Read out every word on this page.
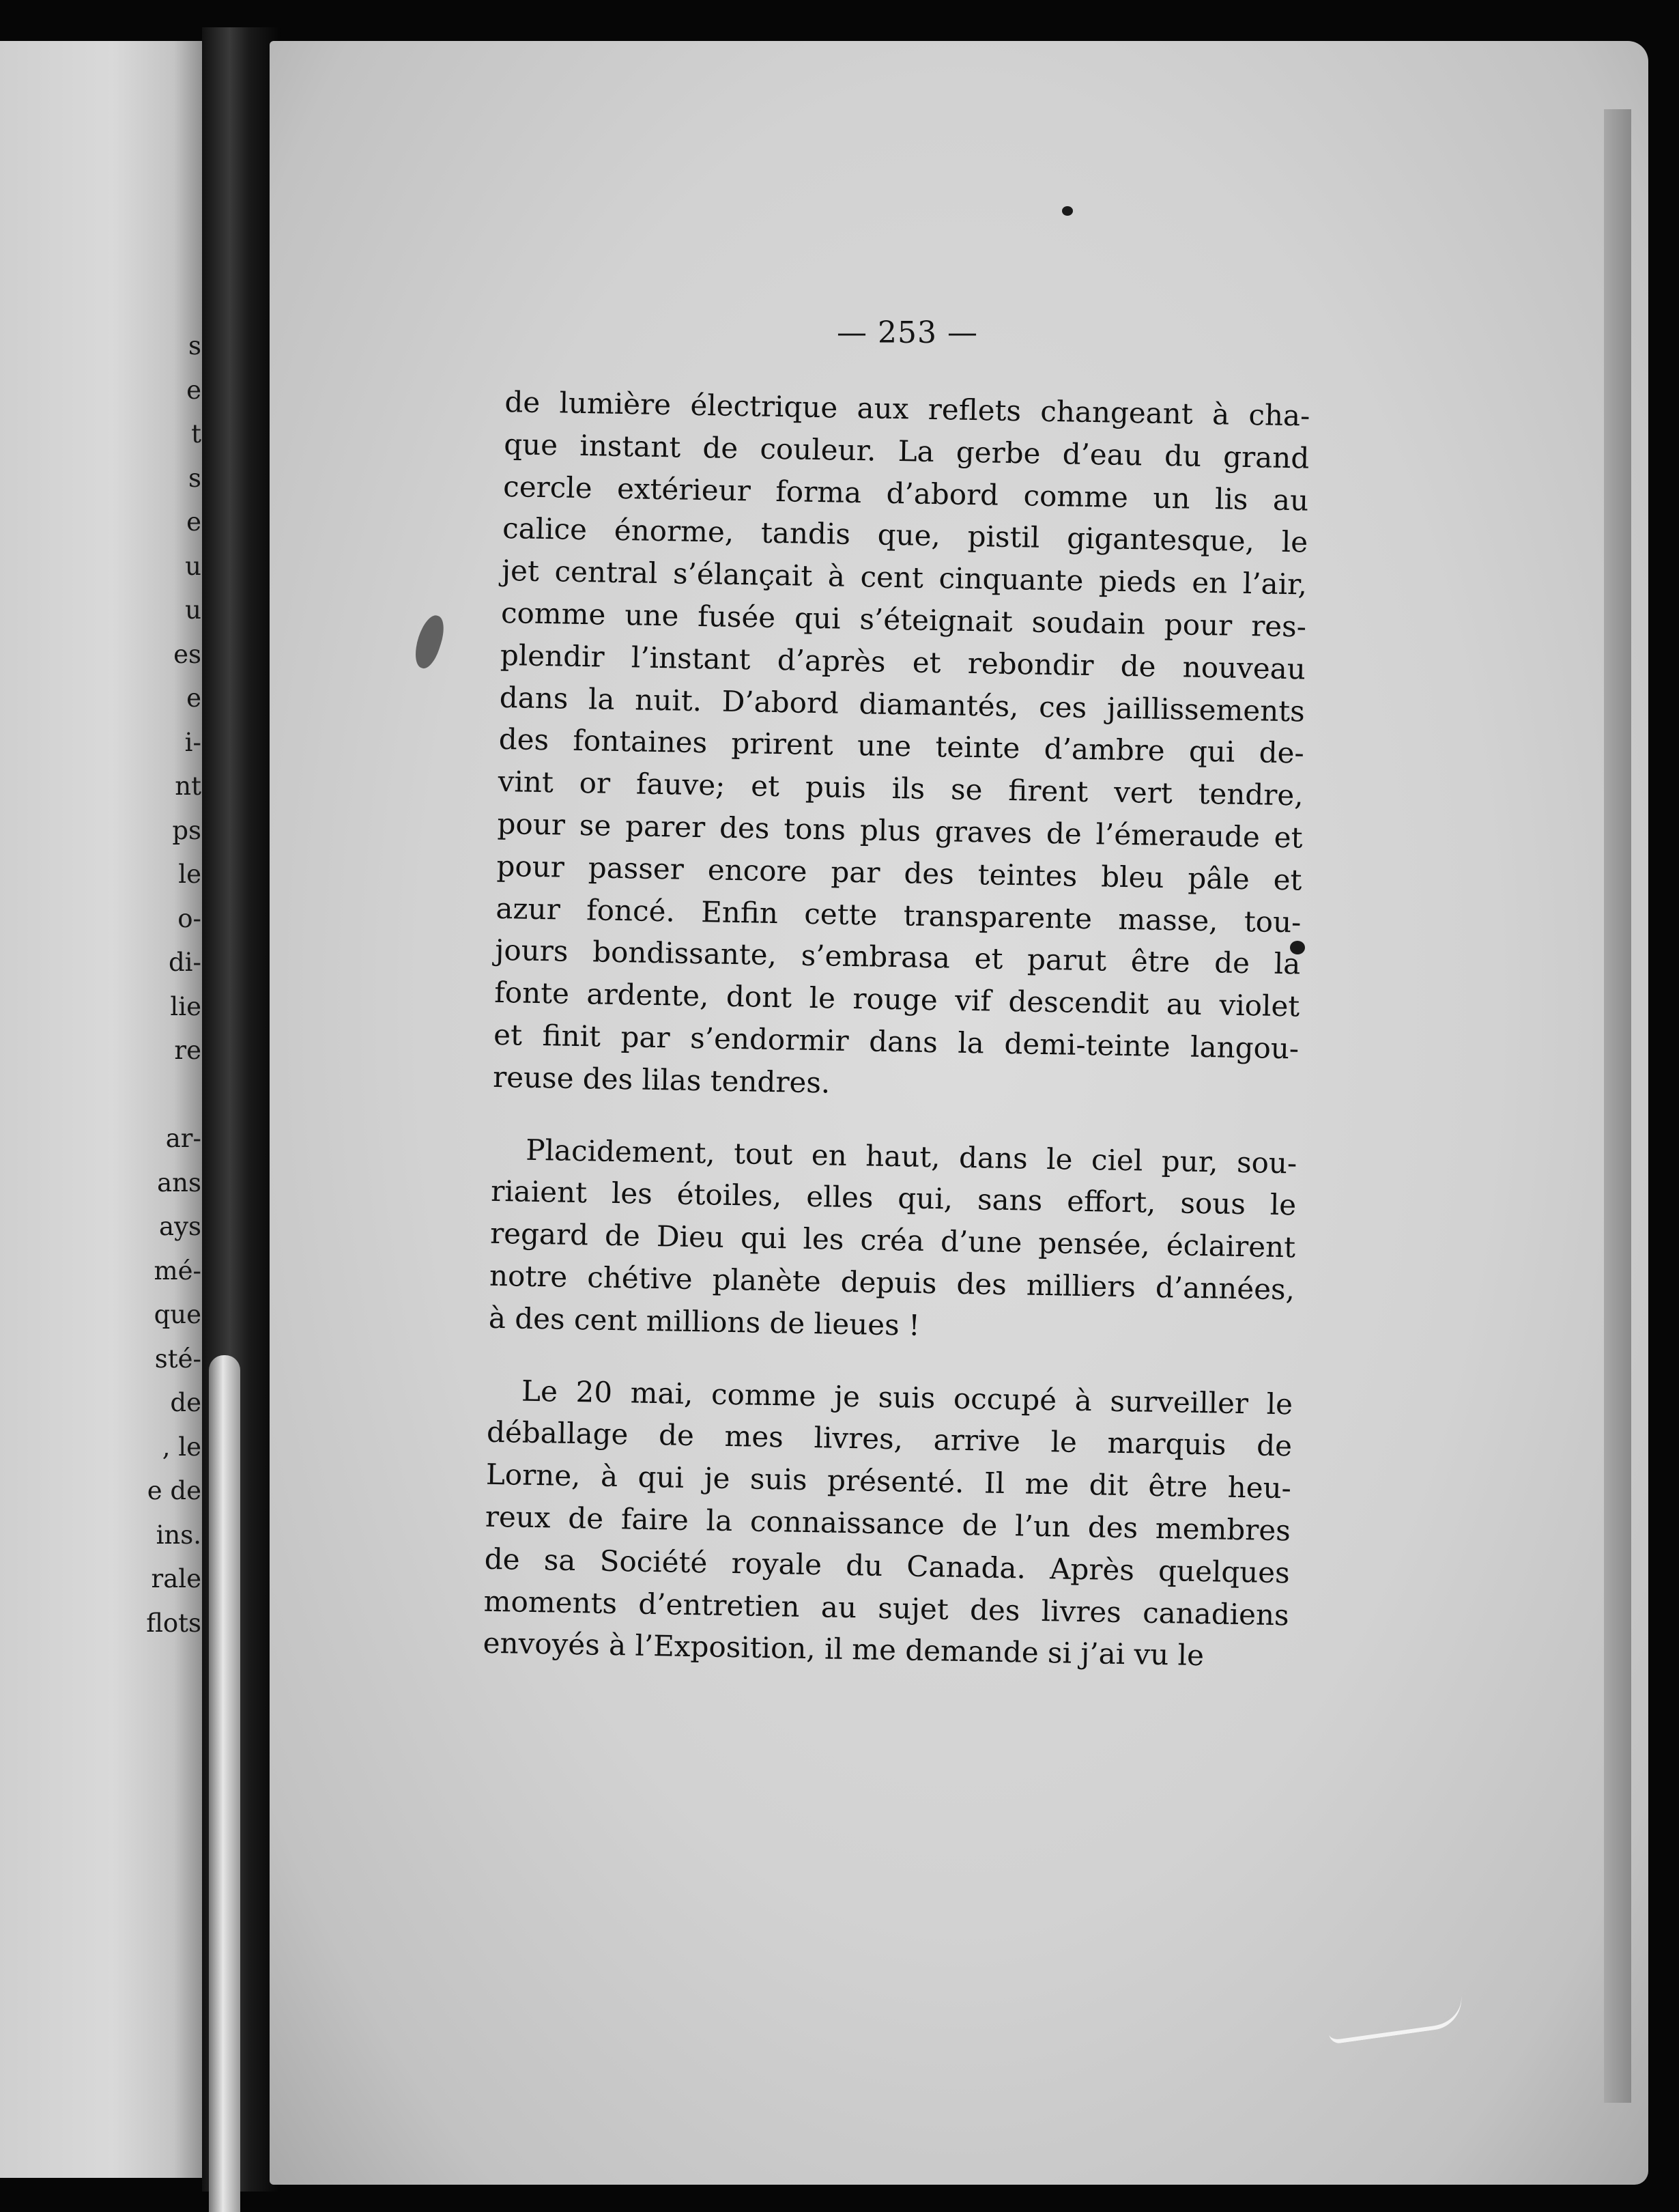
s
e
t
s
e
u
u
es
e
i-
nt
ps
le
o-
di-
lie
re
ar-
ans
ays
mé-
que
sté-
de
, le
e de
ins.
rale
flots
— 253 —
de lumière électrique aux reflets changeant à cha-
que instant de couleur. La gerbe d’eau du grand
cercle extérieur forma d’abord comme un lis au
calice énorme, tandis que, pistil gigantesque, le
jet central s’élançait à cent cinquante pieds en l’air,
comme une fusée qui s’éteignait soudain pour res-
plendir l’instant d’après et rebondir de nouveau
dans la nuit. D’abord diamantés, ces jaillissements
des fontaines prirent une teinte d’ambre qui de-
vint or fauve; et puis ils se firent vert tendre,
pour se parer des tons plus graves de l’émeraude et
pour passer encore par des teintes bleu pâle et
azur foncé. Enfin cette transparente masse, tou-
jours bondissante, s’embrasa et parut être de la
fonte ardente, dont le rouge vif descendit au violet
et finit par s’endormir dans la demi-teinte langou-
reuse des lilas tendres.
Placidement, tout en haut, dans le ciel pur, sou-
riaient les étoiles, elles qui, sans effort, sous le
regard de Dieu qui les créa d’une pensée, éclairent
notre chétive planète depuis des milliers d’années,
à des cent millions de lieues !
Le 20 mai, comme je suis occupé à surveiller le
déballage de mes livres, arrive le marquis de
Lorne, à qui je suis présenté. Il me dit être heu-
reux de faire la connaissance de l’un des membres
de sa Société royale du Canada. Après quelques
moments d’entretien au sujet des livres canadiens
envoyés à l’Exposition, il me demande si j’ai vu le
